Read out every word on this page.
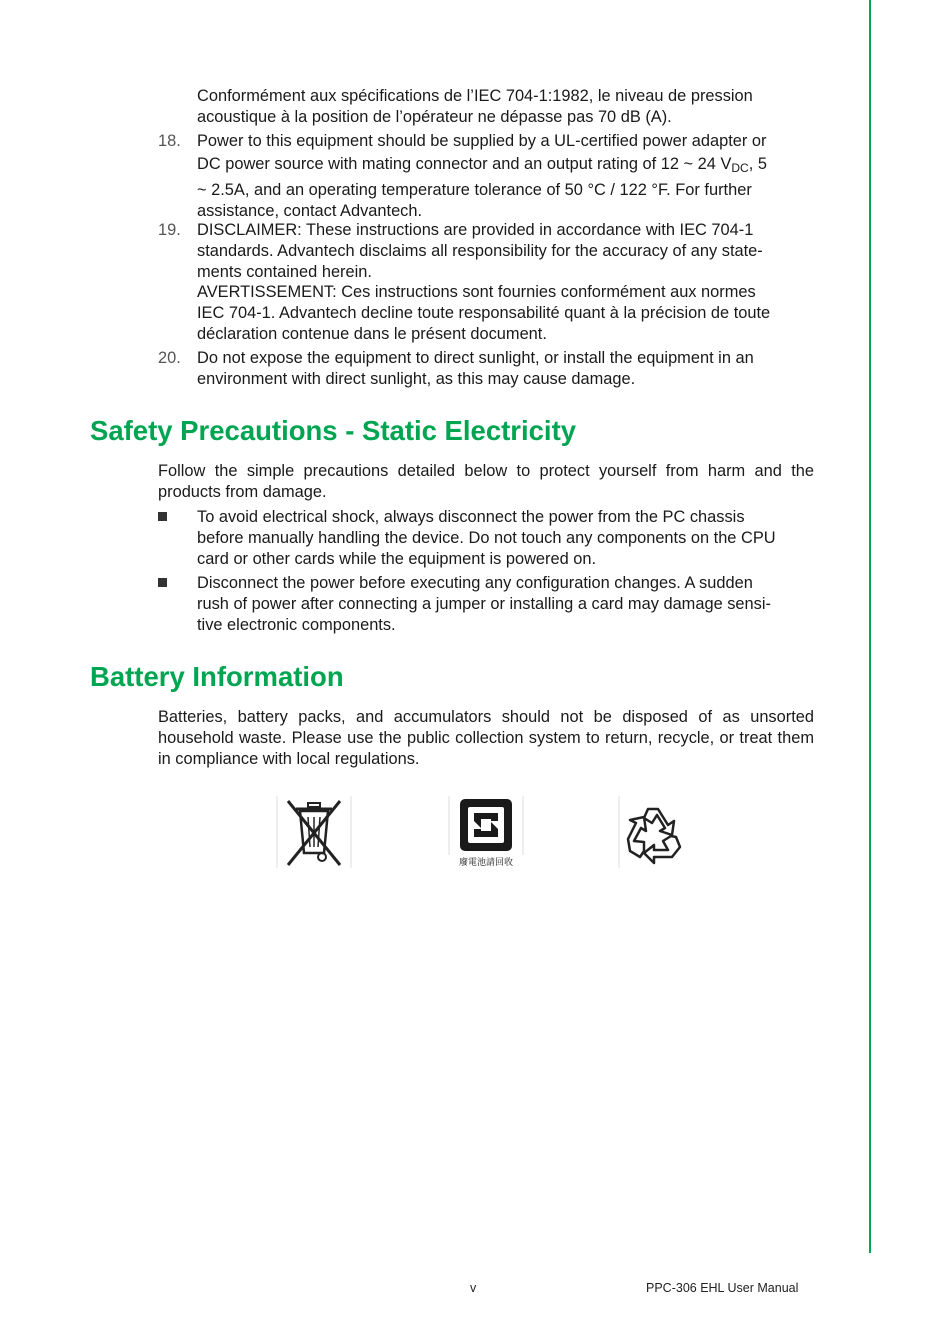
Conformément aux spécifications de l’IEC 704-1:1982, le niveau de pression
acoustique à la position de l’opérateur ne dépasse pas 70 dB (A).
18. Power to this equipment should be supplied by a UL-certified power adapter or
DC power source with mating connector and an output rating of 12 ~ 24 $V_{DC}$, 5
~ 2.5A, and an operating temperature tolerance of 50 °C / 122 °F. For further
assistance, contact Advantech.
19. DISCLAIMER: These instructions are provided in accordance with IEC 704-1
standards. Advantech disclaims all responsibility for the accuracy of any state-
ments contained herein.
AVERTISSEMENT: Ces instructions sont fournies conformément aux normes
IEC 704-1. Advantech decline toute responsabilité quant à la précision de toute
déclaration contenue dans le présent document.
20. Do not expose the equipment to direct sunlight, or install the equipment in an
environment with direct sunlight, as this may cause damage.
Safety Precautions - Static Electricity
Follow the simple precautions detailed below to protect yourself from harm and the products from damage.
To avoid electrical shock, always disconnect the power from the PC chassis
before manually handling the device. Do not touch any components on the CPU
card or other cards while the equipment is powered on.
Disconnect the power before executing any configuration changes. A sudden
rush of power after connecting a jumper or installing a card may damage sensi-
tive electronic components.
Battery Information
Batteries, battery packs, and accumulators should not be disposed of as unsorted household waste. Please use the public collection system to return, recycle, or treat them in compliance with local regulations.
廢電池請回收
v	PPC-306 EHL User Manual
